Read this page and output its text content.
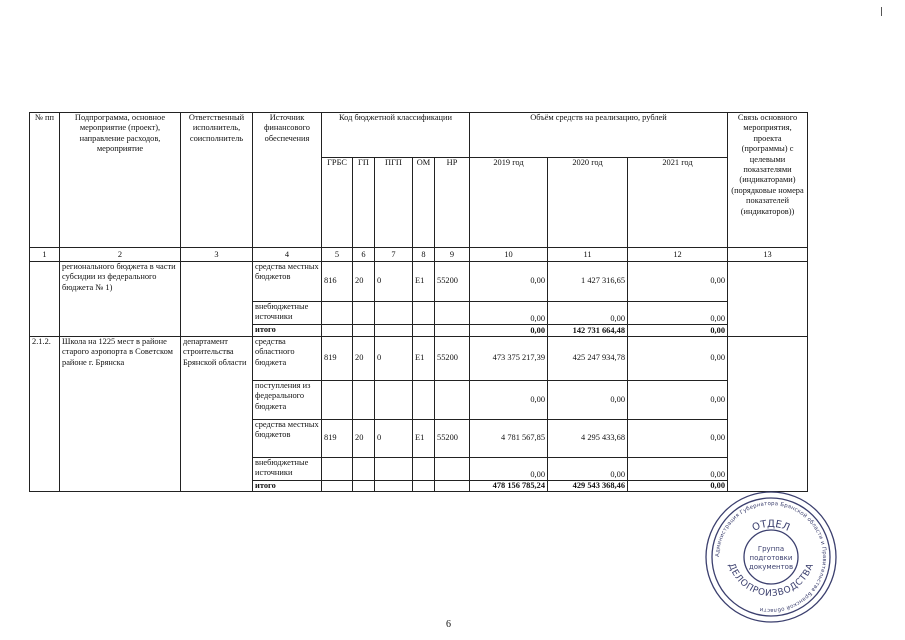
№ пп	Подпрограмма, основное мероприятие (проект), направление расходов, мероприятие	Ответственный исполнитель, соисполнитель	Источник финансового обеспечения	Код бюджетной классификации					Объём средств на реализацию, рублей			Связь основного мероприятия, проекта (программы) с целевыми показателями (индикаторами) (порядковые номера показателей (индикаторов))
				ГРБС	ГП	ПГП	ОМ	НР	2019 год	2020 год	2021 год	
1	2	3	4	5	6	7	8	9	10	11	12	13
	регионального бюджета в части субсидии из федерального бюджета № 1)		средства местных бюджетов	816	20	0	Е1	55200	0,00	1 427 316,65	0,00	
			внебюджетные источники						0,00	0,00	0,00	
			итого						0,00	142 731 664,48	0,00	
2.1.2.	Школа на 1225 мест в районе старого аэропорта в Советском районе г. Брянска	департамент строительства Брянской области	средства областного бюджета	819	20	0	Е1	55200	473 375 217,39	425 247 934,78	0,00	
			поступления из федерального бюджета						0,00	0,00	0,00	
			средства местных бюджетов	819	20	0	Е1	55200	4 781 567,85	4 295 433,68	0,00	
			внебюджетные источники						0,00	0,00	0,00	
			итого						478 156 785,24	429 543 368,46	0,00	
6
Администрация Губернатора Брянской области и Правительства Брянской области
ОТДЕЛ
ДЕЛОПРОИЗВОДСТВА
Группа
подготовки
документов
